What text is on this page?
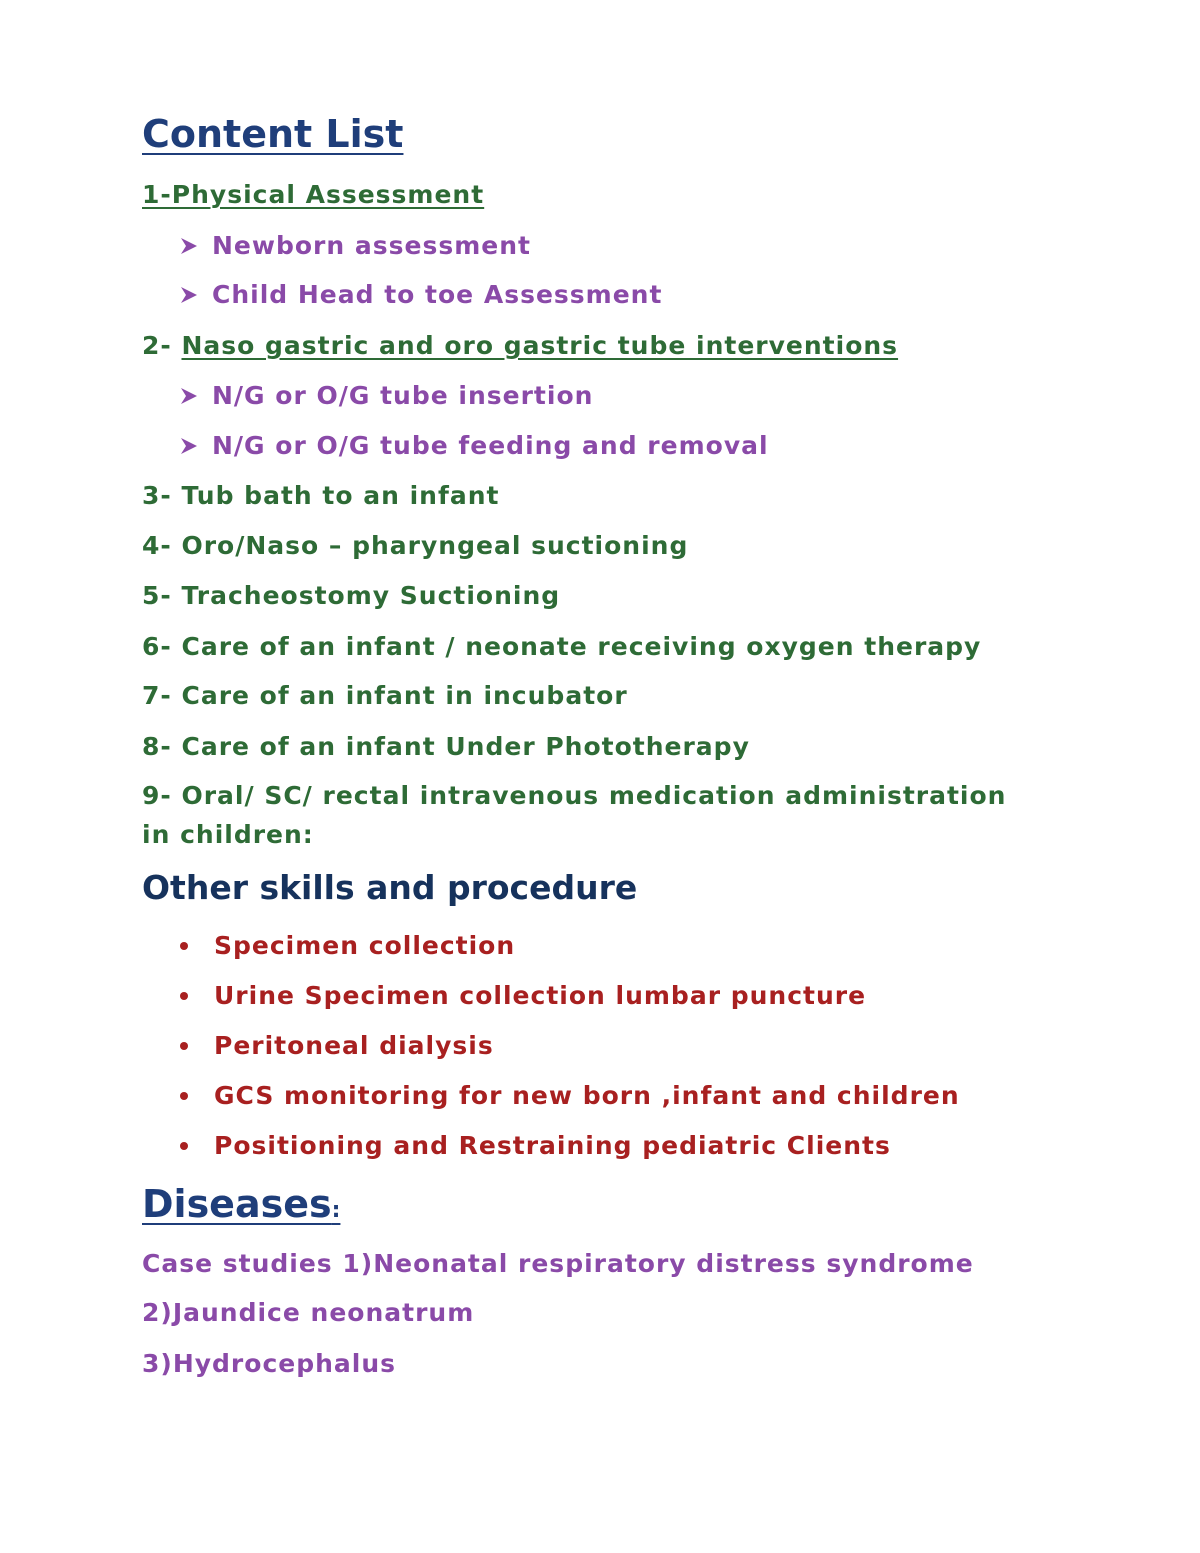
Content List
1-Physical Assessment
Newborn assessment
Child Head to toe Assessment
2- Naso gastric and oro gastric tube interventions
N/G or O/G tube insertion
N/G or O/G tube feeding and removal
3- Tub bath to an infant
4- Oro/Naso – pharyngeal suctioning
5- Tracheostomy Suctioning
6- Care of an infant / neonate receiving oxygen therapy
7- Care of an infant in incubator
8- Care of an infant Under Phototherapy
9- Oral/ SC/ rectal intravenous medication administration
in children:
Other skills and procedure
Specimen collection
Urine Specimen collection lumbar puncture
Peritoneal dialysis
GCS monitoring for new born ,infant and children
Positioning and Restraining pediatric Clients
Diseases:
Case studies 1)Neonatal respiratory distress syndrome
2)Jaundice neonatrum
3)Hydrocephalus
